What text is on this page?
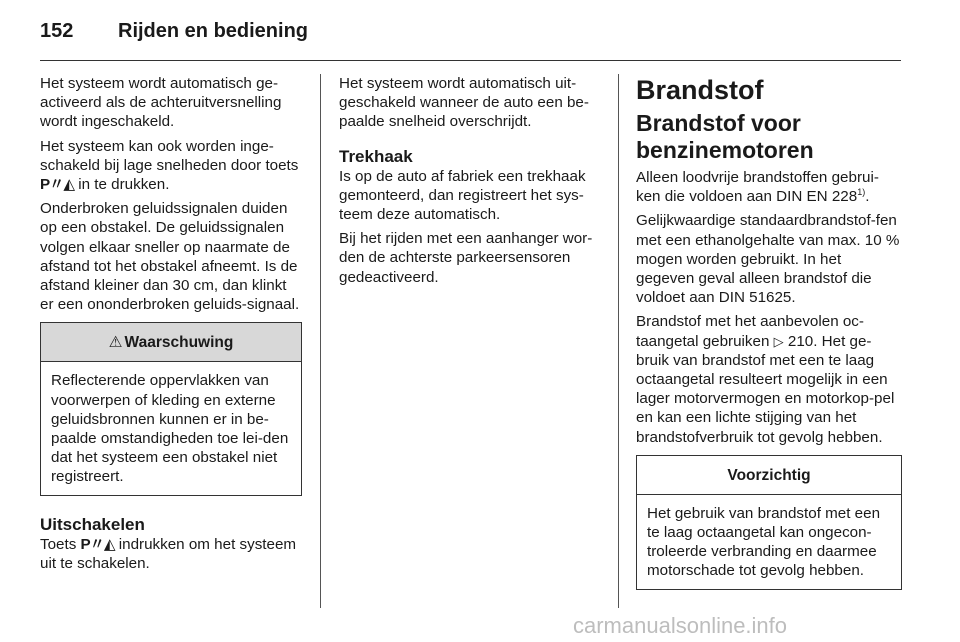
152 Rijden en bediening

Het systeem wordt automatisch ge-activeerd als de achteruitversnelling wordt ingeschakeld.

Het systeem kan ook worden inge-schakeld bij lage snelheden door toets P〃◭ in te drukken.

Onderbroken geluidssignalen duiden op een obstakel. De geluidssignalen volgen elkaar sneller op naarmate de afstand tot het obstakel afneemt. Is de afstand kleiner dan 30 cm, dan klinkt er een ononderbroken geluids-signaal.

⚠ Waarschuwing

Reflecterende oppervlakken van voorwerpen of kleding en externe geluidsbronnen kunnen er in be-paalde omstandigheden toe lei-den dat het systeem een obstakel niet registreert.

Uitschakelen

Toets P〃◭ indrukken om het systeem uit te schakelen.

Het systeem wordt automatisch uit-geschakeld wanneer de auto een be-paalde snelheid overschrijdt.

Trekhaak

Is op de auto af fabriek een trekhaak gemonteerd, dan registreert het sys-teem deze automatisch.

Bij het rijden met een aanhanger wor-den de achterste parkeersensoren gedeactiveerd.

Brandstof
Brandstof voor benzinemotoren

Alleen loodvrije brandstoffen gebrui-ken die voldoen aan DIN EN 228$^{1)}$.

Gelijkwaardige standaardbrandstof-fen met een ethanolgehalte van max. 10 % mogen worden gebruikt. In het gegeven geval alleen brandstof die voldoet aan DIN 51625.

Brandstof met het aanbevolen oc-taangetal gebruiken ▷ 210. Het ge-bruik van brandstof met een te laag octaangetal resulteert mogelijk in een lager motorvermogen en motorkop-pel en kan een lichte stijging van het brandstofverbruik tot gevolg hebben.

Voorzichtig

Het gebruik van brandstof met een te laag octaangetal kan ongecon-troleerde verbranding en daarmee motorschade tot gevolg hebben.

carmanualsonline.info
